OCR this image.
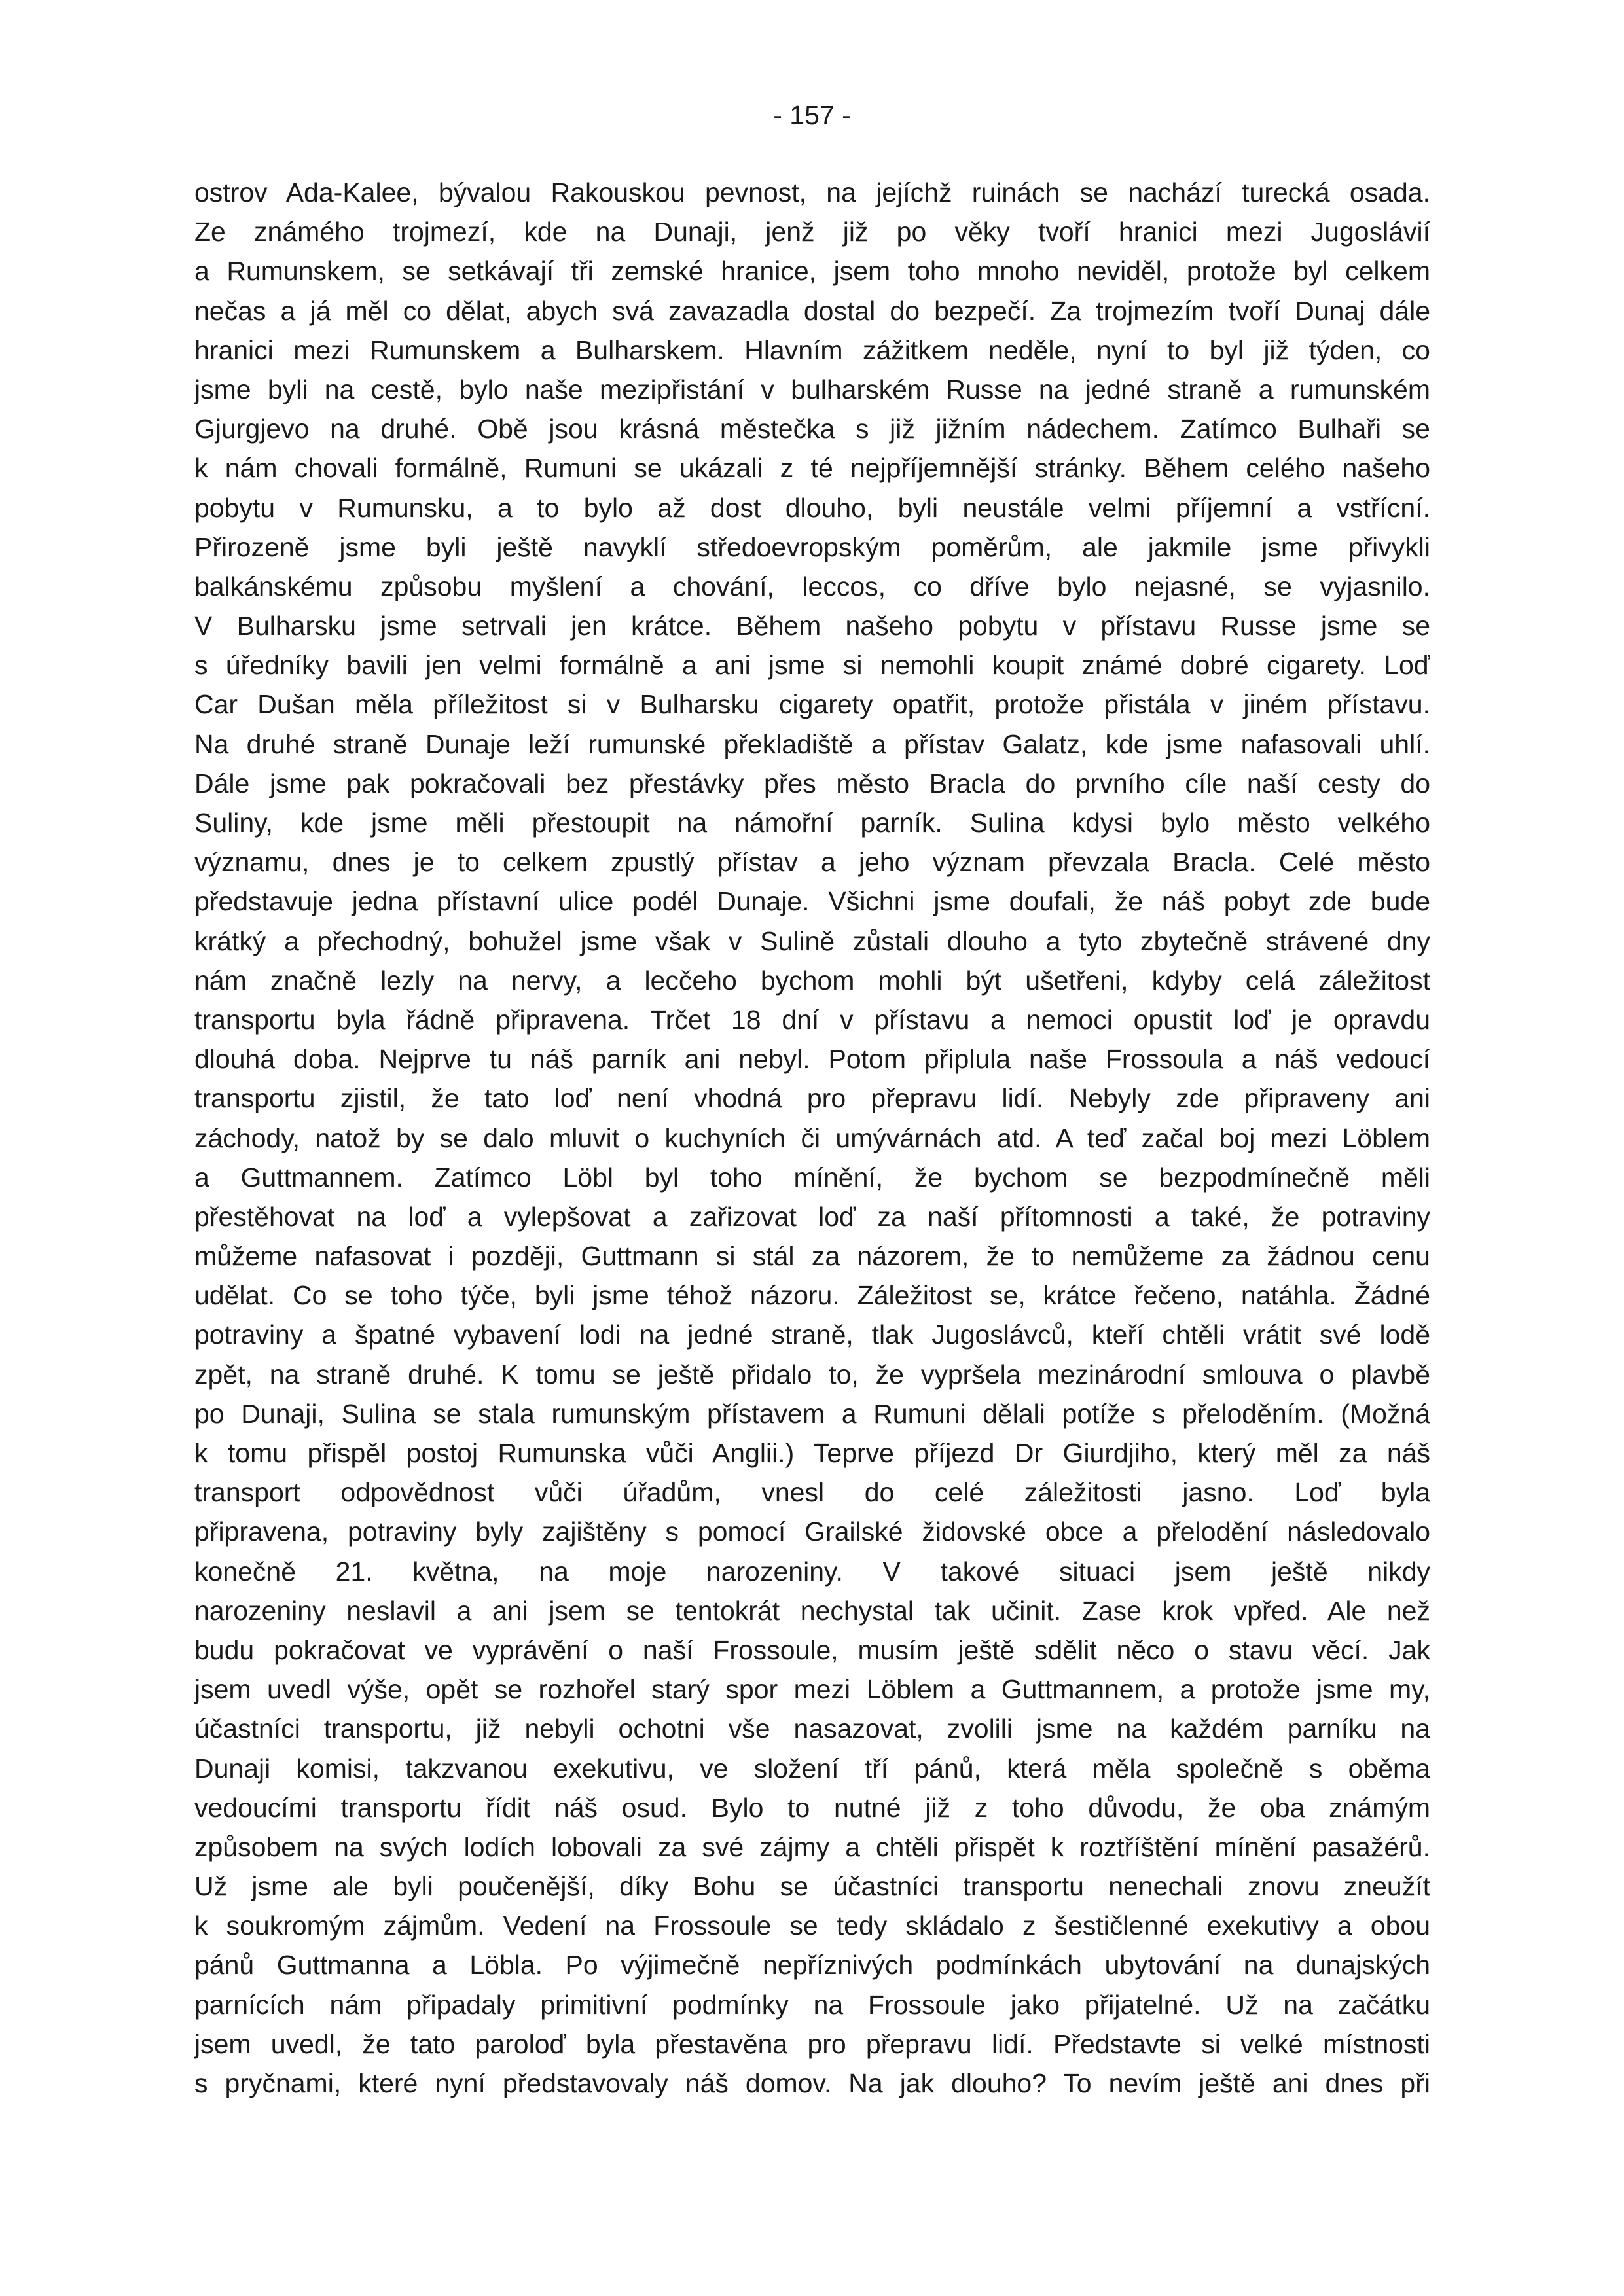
- 157 -
ostrov Ada-Kalee, bývalou Rakouskou pevnost, na jejíchž ruinách se nachází turecká osada.
Ze známého trojmezí, kde na Dunaji, jenž již po věky tvoří hranici mezi Jugoslávií
a Rumunskem, se setkávají tři zemské hranice, jsem toho mnoho neviděl, protože byl celkem
nečas a já měl co dělat, abych svá zavazadla dostal do bezpečí. Za trojmezím tvoří Dunaj dále
hranici mezi Rumunskem a Bulharskem. Hlavním zážitkem neděle, nyní to byl již týden, co
jsme byli na cestě, bylo naše mezipřistání v bulharském Russe na jedné straně a rumunském
Gjurgjevo na druhé. Obě jsou krásná městečka s již jižním nádechem. Zatímco Bulhaři se
k nám chovali formálně, Rumuni se ukázali z té nejpříjemnější stránky. Během celého našeho
pobytu v Rumunsku, a to bylo až dost dlouho, byli neustále velmi příjemní a vstřícní.
Přirozeně jsme byli ještě navyklí středoevropským poměrům, ale jakmile jsme přivykli
balkánskému způsobu myšlení a chování, leccos, co dříve bylo nejasné, se vyjasnilo.
V Bulharsku jsme setrvali jen krátce. Během našeho pobytu v přístavu Russe jsme se
s úředníky bavili jen velmi formálně a ani jsme si nemohli koupit známé dobré cigarety. Loď
Car Dušan měla příležitost si v Bulharsku cigarety opatřit, protože přistála v jiném přístavu.
Na druhé straně Dunaje leží rumunské překladiště a přístav Galatz, kde jsme nafasovali uhlí.
Dále jsme pak pokračovali bez přestávky přes město Bracla do prvního cíle naší cesty do
Suliny, kde jsme měli přestoupit na námořní parník. Sulina kdysi bylo město velkého
významu, dnes je to celkem zpustlý přístav a jeho význam převzala Bracla. Celé město
představuje jedna přístavní ulice podél Dunaje. Všichni jsme doufali, že náš pobyt zde bude
krátký a přechodný, bohužel jsme však v Sulině zůstali dlouho a tyto zbytečně strávené dny
nám značně lezly na nervy, a lecčeho bychom mohli být ušetřeni, kdyby celá záležitost
transportu byla řádně připravena. Trčet 18 dní v přístavu a nemoci opustit loď je opravdu
dlouhá doba. Nejprve tu náš parník ani nebyl. Potom připlula naše Frossoula a náš vedoucí
transportu zjistil, že tato loď není vhodná pro přepravu lidí. Nebyly zde připraveny ani
záchody, natož by se dalo mluvit o kuchyních či umývárnách atd. A teď začal boj mezi Löblem
a Guttmannem. Zatímco Löbl byl toho mínění, že bychom se bezpodmínečně měli
přestěhovat na loď a vylepšovat a zařizovat loď za naší přítomnosti a také, že potraviny
můžeme nafasovat i později, Guttmann si stál za názorem, že to nemůžeme za žádnou cenu
udělat. Co se toho týče, byli jsme téhož názoru. Záležitost se, krátce řečeno, natáhla. Žádné
potraviny a špatné vybavení lodi na jedné straně, tlak Jugoslávců, kteří chtěli vrátit své lodě
zpět, na straně druhé. K tomu se ještě přidalo to, že vypršela mezinárodní smlouva o plavbě
po Dunaji, Sulina se stala rumunským přístavem a Rumuni dělali potíže s přeloděním. (Možná
k tomu přispěl postoj Rumunska vůči Anglii.) Teprve příjezd Dr Giurdjiho, který měl za náš
transport odpovědnost vůči úřadům, vnesl do celé záležitosti jasno. Loď byla
připravena, potraviny byly zajištěny s pomocí Grailské židovské obce a přelodění následovalo
konečně 21. května, na moje narozeniny. V takové situaci jsem ještě nikdy
narozeniny neslavil a ani jsem se tentokrát nechystal tak učinit. Zase krok vpřed. Ale než
budu pokračovat ve vyprávění o naší Frossoule, musím ještě sdělit něco o stavu věcí. Jak
jsem uvedl výše, opět se rozhořel starý spor mezi Löblem a Guttmannem, a protože jsme my,
účastníci transportu, již nebyli ochotni vše nasazovat, zvolili jsme na každém parníku na
Dunaji komisi, takzvanou exekutivu, ve složení tří pánů, která měla společně s oběma
vedoucími transportu řídit náš osud. Bylo to nutné již z toho důvodu, že oba známým
způsobem na svých lodích lobovali za své zájmy a chtěli přispět k roztříštění mínění pasažérů.
Už jsme ale byli poučenější, díky Bohu se účastníci transportu nenechali znovu zneužít
k soukromým zájmům. Vedení na Frossoule se tedy skládalo z šestičlenné exekutivy a obou
pánů Guttmanna a Löbla. Po výjimečně nepříznivých podmínkách ubytování na dunajských
parnících nám připadaly primitivní podmínky na Frossoule jako přijatelné. Už na začátku
jsem uvedl, že tato paroloď byla přestavěna pro přepravu lidí. Představte si velké místnosti
s pryčnami, které nyní představovaly náš domov. Na jak dlouho? To nevím ještě ani dnes při
